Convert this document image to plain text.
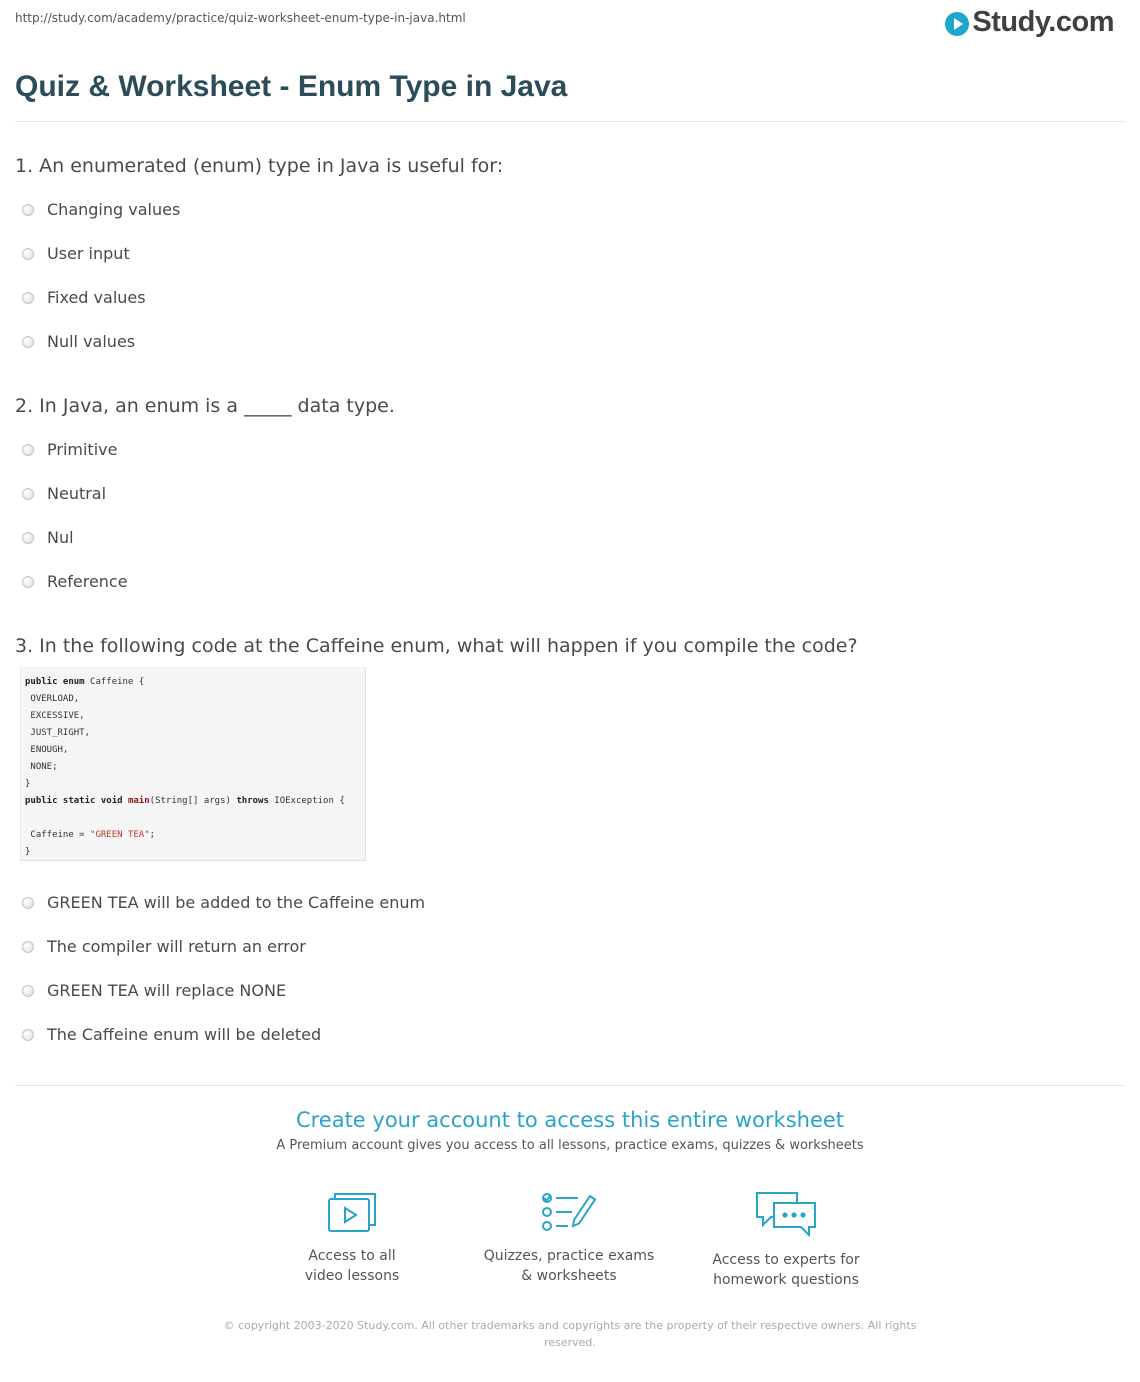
http://study.com/academy/practice/quiz-worksheet-enum-type-in-java.html	Study.com
Quiz & Worksheet - Enum Type in Java
1. An enumerated (enum) type in Java is useful for:
Changing values
User input
Fixed values
Null values
2. In Java, an enum is a _____ data type.
Primitive
Neutral
Nul
Reference
3. In the following code at the Caffeine enum, what will happen if you compile the code?
public enum Caffeine {
OVERLOAD,
EXCESSIVE,
JUST_RIGHT,
ENOUGH,
NONE;
}
public static void main(String[] args) throws IOException {
Caffeine = "GREEN TEA";
}
GREEN TEA will be added to the Caffeine enum
The compiler will return an error
GREEN TEA will replace NONE
The Caffeine enum will be deleted
Create your account to access this entire worksheet
A Premium account gives you access to all lessons, practice exams, quizzes & worksheets
Access to all
video lessons
Quizzes, practice exams
& worksheets
Access to experts for
homework questions
© copyright 2003-2020 Study.com. All other trademarks and copyrights are the property of their respective owners. All rights reserved.
